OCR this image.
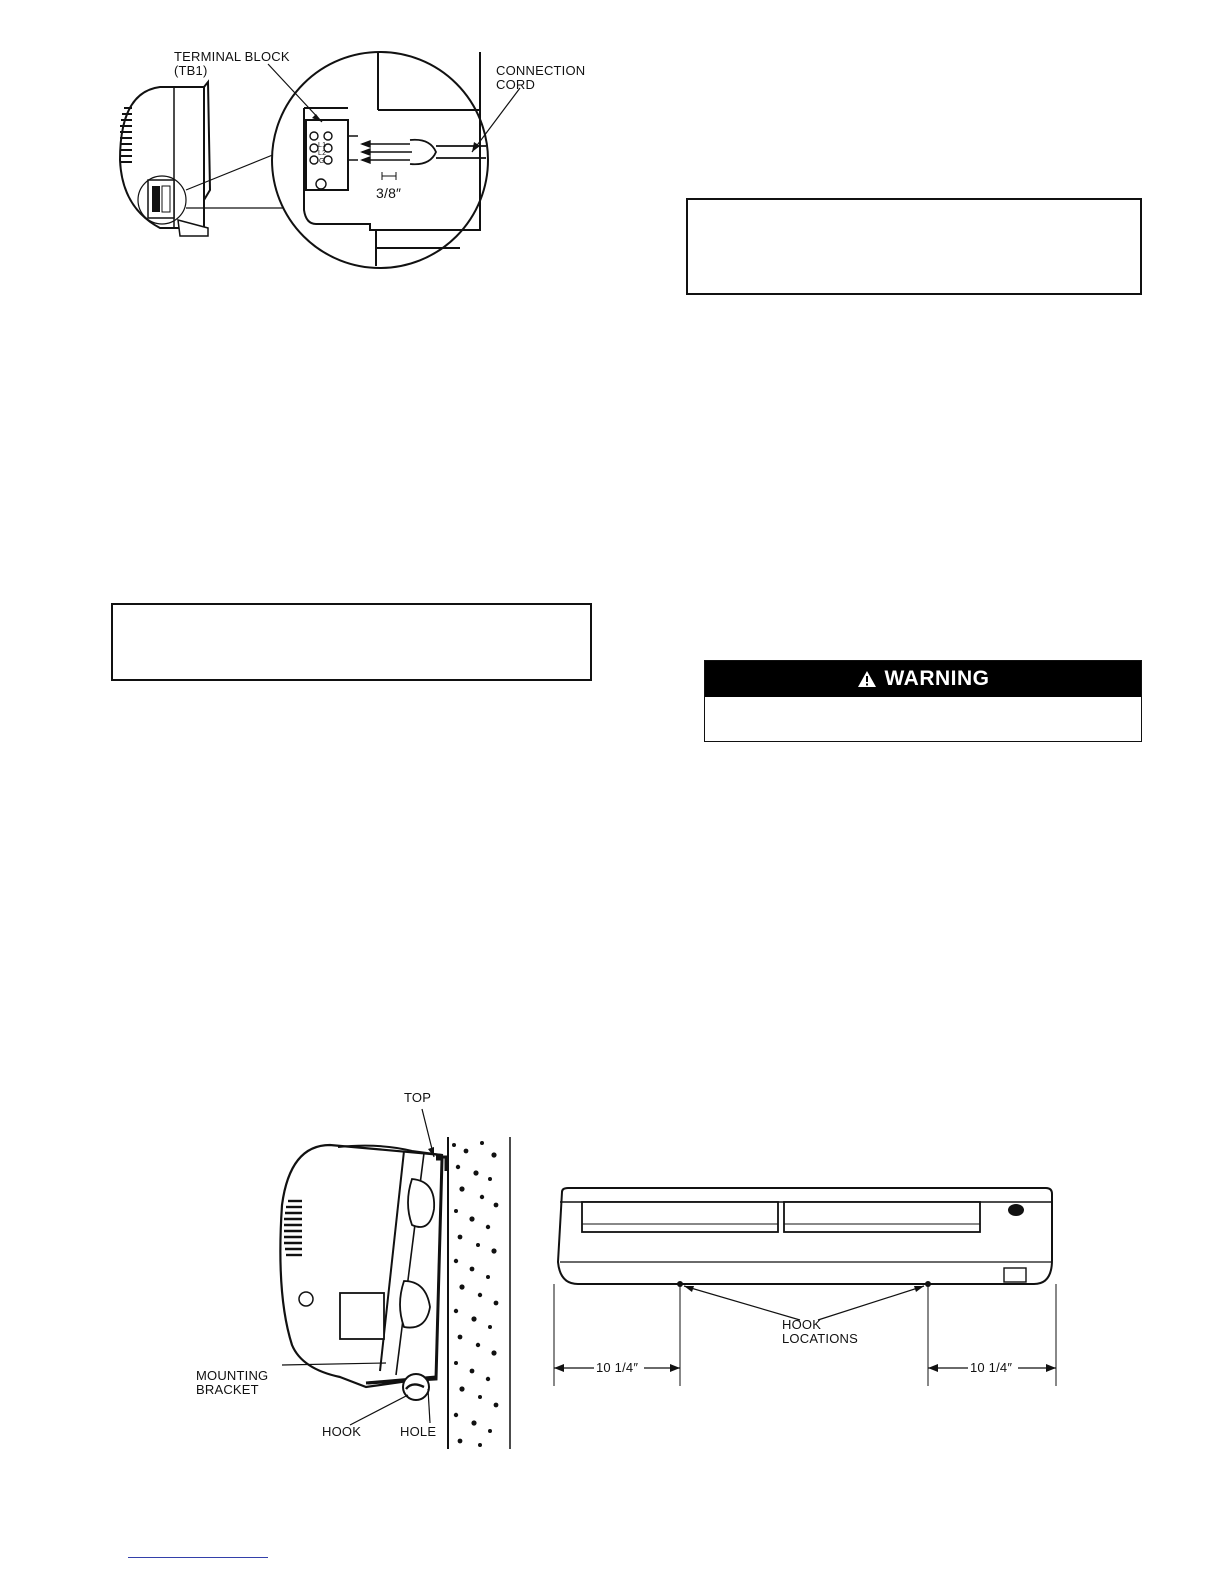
TERMINAL BLOCK
(TB1)	CONNECTION
CORD
3/8″
L1
L2
G
WARNING
TOP
MOUNTING
BRACKET
HOOK	HOLE
HOOK
LOCATIONS
10 1/4″	10 1/4″
